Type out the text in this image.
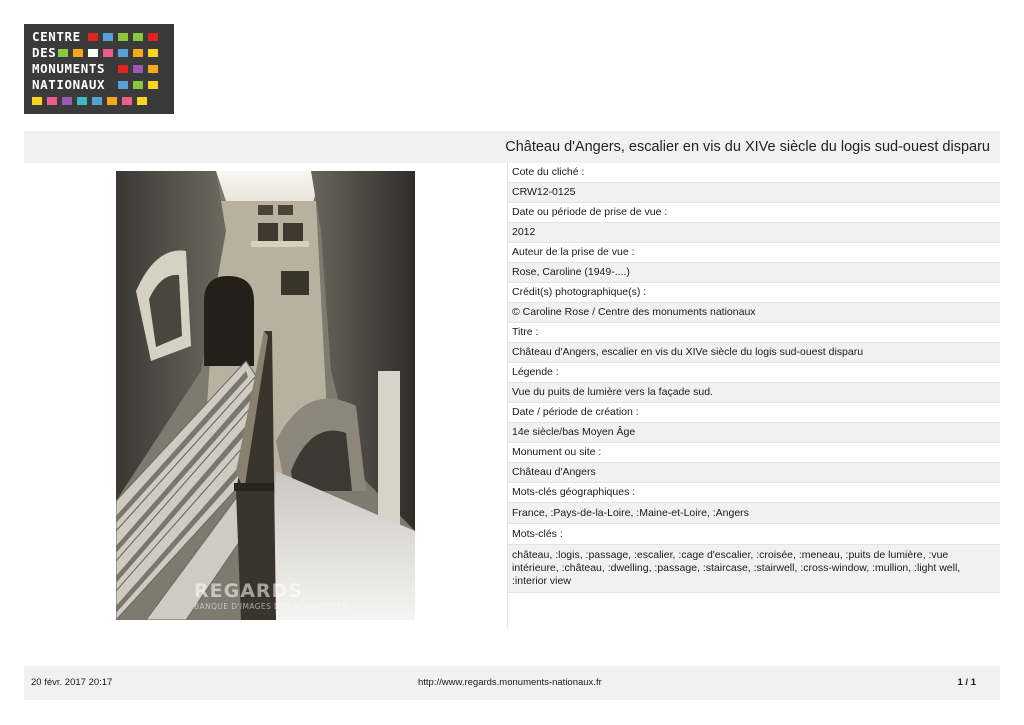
CENTRE
DES
MONUMENTS
NATIONAUX
Château d'Angers, escalier en vis du XIVe siècle du logis sud-ouest disparu
REGARDS
BANQUE D'IMAGES DES MONUMENTS
Cote du cliché :
CRW12-0125
Date ou période de prise de vue :
2012
Auteur de la prise de vue :
Rose, Caroline (1949-....)
Crédit(s) photographique(s) :
© Caroline Rose / Centre des monuments nationaux
Titre :
Château d'Angers, escalier en vis du XIVe siècle du logis sud-ouest disparu
Légende :
Vue du puits de lumière vers la façade sud.
Date / période de création :
14e siècle/bas Moyen Âge
Monument ou site :
Château d'Angers
Mots-clés géographiques :
France, :Pays-de-la-Loire, :Maine-et-Loire, :Angers
Mots-clés :
château, :logis, :passage, :escalier, :cage d'escalier, :croisée, :meneau, :puits de lumière, :vue intérieure, :château, :dwelling, :passage, :staircase, :stairwell, :cross-window, :mullion, :light well, :interior view
20 févr. 2017 20:17	http://www.regards.monuments-nationaux.fr	1 / 1
